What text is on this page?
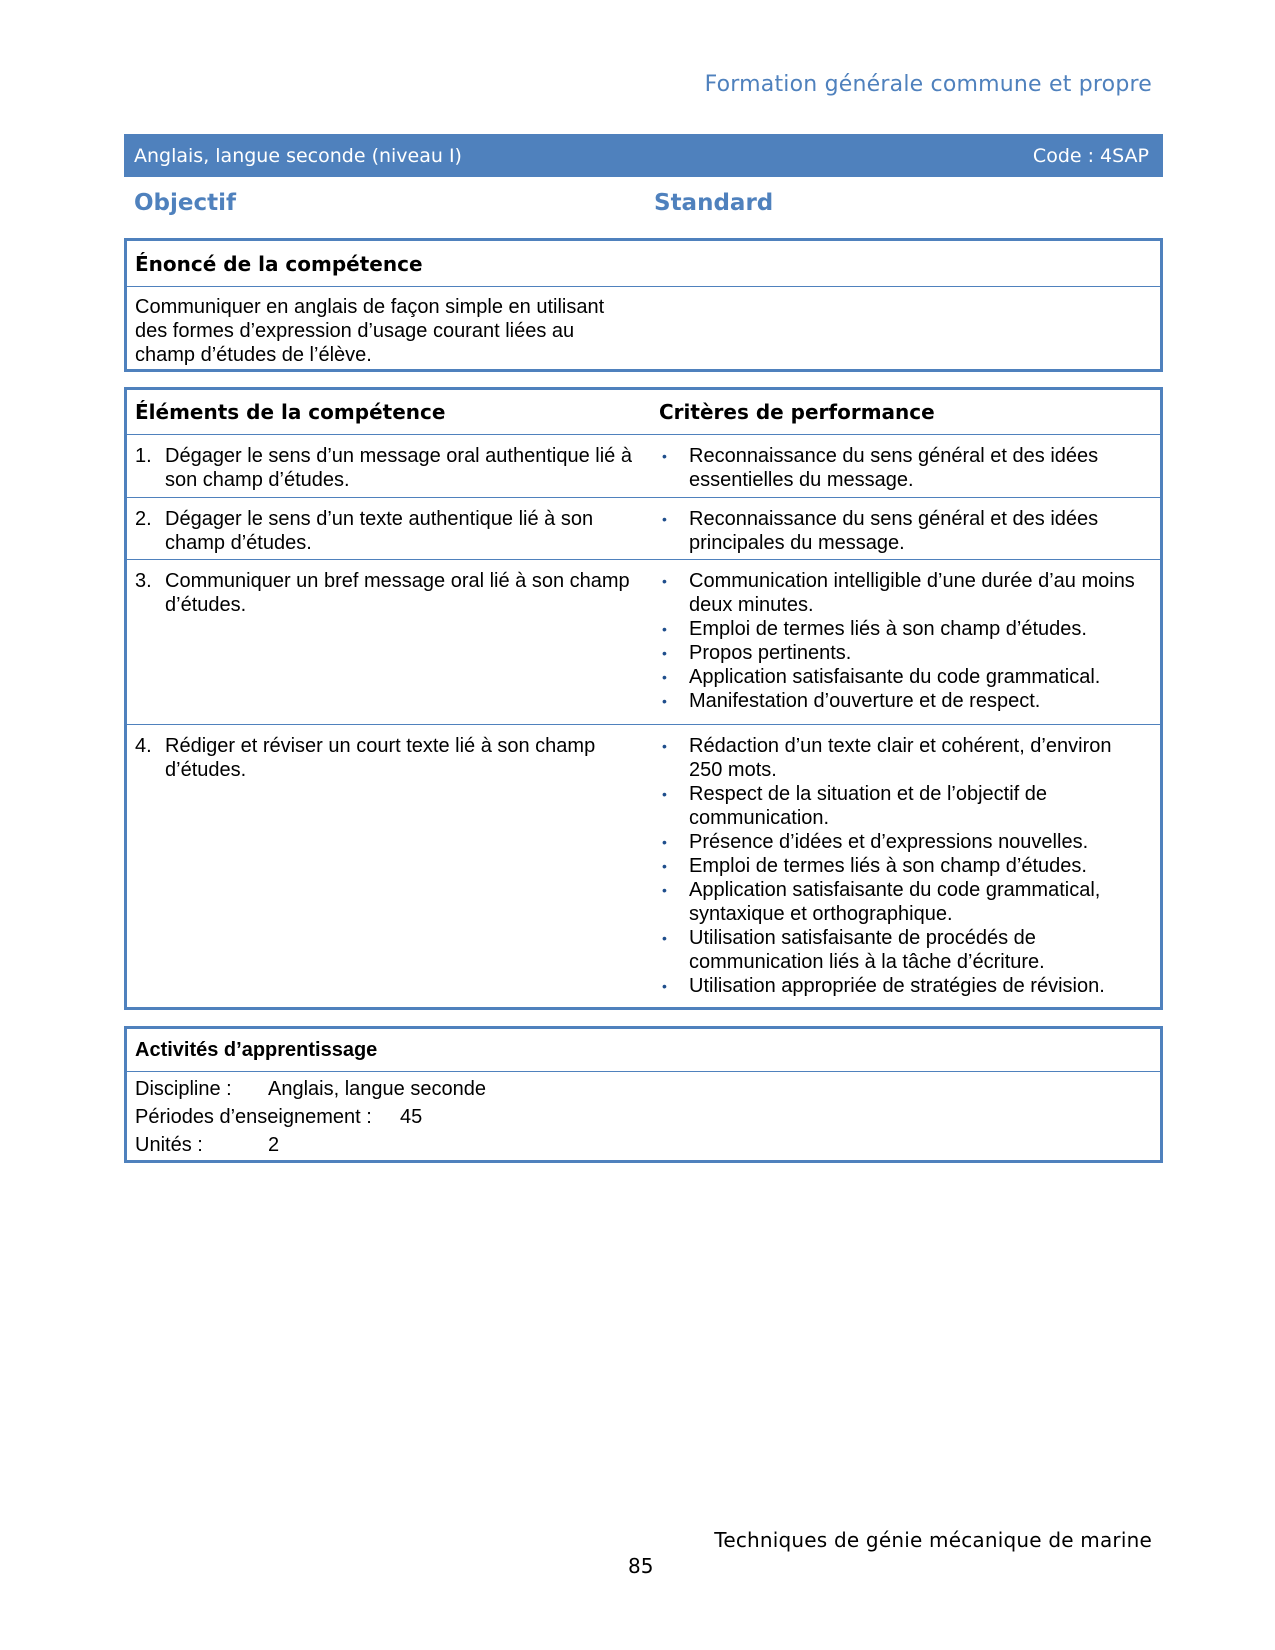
Formation générale commune et propre
Anglais, langue seconde (niveau I)	Code : 4SAP
Objectif	Standard
Énoncé de la compétence
Communiquer en anglais de façon simple en utilisant des formes d’expression d’usage courant liées au champ d’études de l’élève.
Éléments de la compétence	Critères de performance
1. Dégager le sens d’un message oral authentique lié à son champ d’études.
•	Reconnaissance du sens général et des idées essentielles du message.
2. Dégager le sens d’un texte authentique lié à son champ d’études.
•	Reconnaissance du sens général et des idées principales du message.
3. Communiquer un bref message oral lié à son champ d’études.
•	Communication intelligible d’une durée d’au moins deux minutes.
•	Emploi de termes liés à son champ d’études.
•	Propos pertinents.
•	Application satisfaisante du code grammatical.
•	Manifestation d’ouverture et de respect.
4. Rédiger et réviser un court texte lié à son champ d’études.
•	Rédaction d’un texte clair et cohérent, d’environ 250 mots.
•	Respect de la situation et de l’objectif de communication.
•	Présence d’idées et d’expressions nouvelles.
•	Emploi de termes liés à son champ d’études.
•	Application satisfaisante du code grammatical, syntaxique et orthographique.
•	Utilisation satisfaisante de procédés de communication liés à la tâche d’écriture.
•	Utilisation appropriée de stratégies de révision.
Activités d’apprentissage
Discipline :	Anglais, langue seconde
Périodes d’enseignement :	45
Unités :	2
Techniques de génie mécanique de marine
85
